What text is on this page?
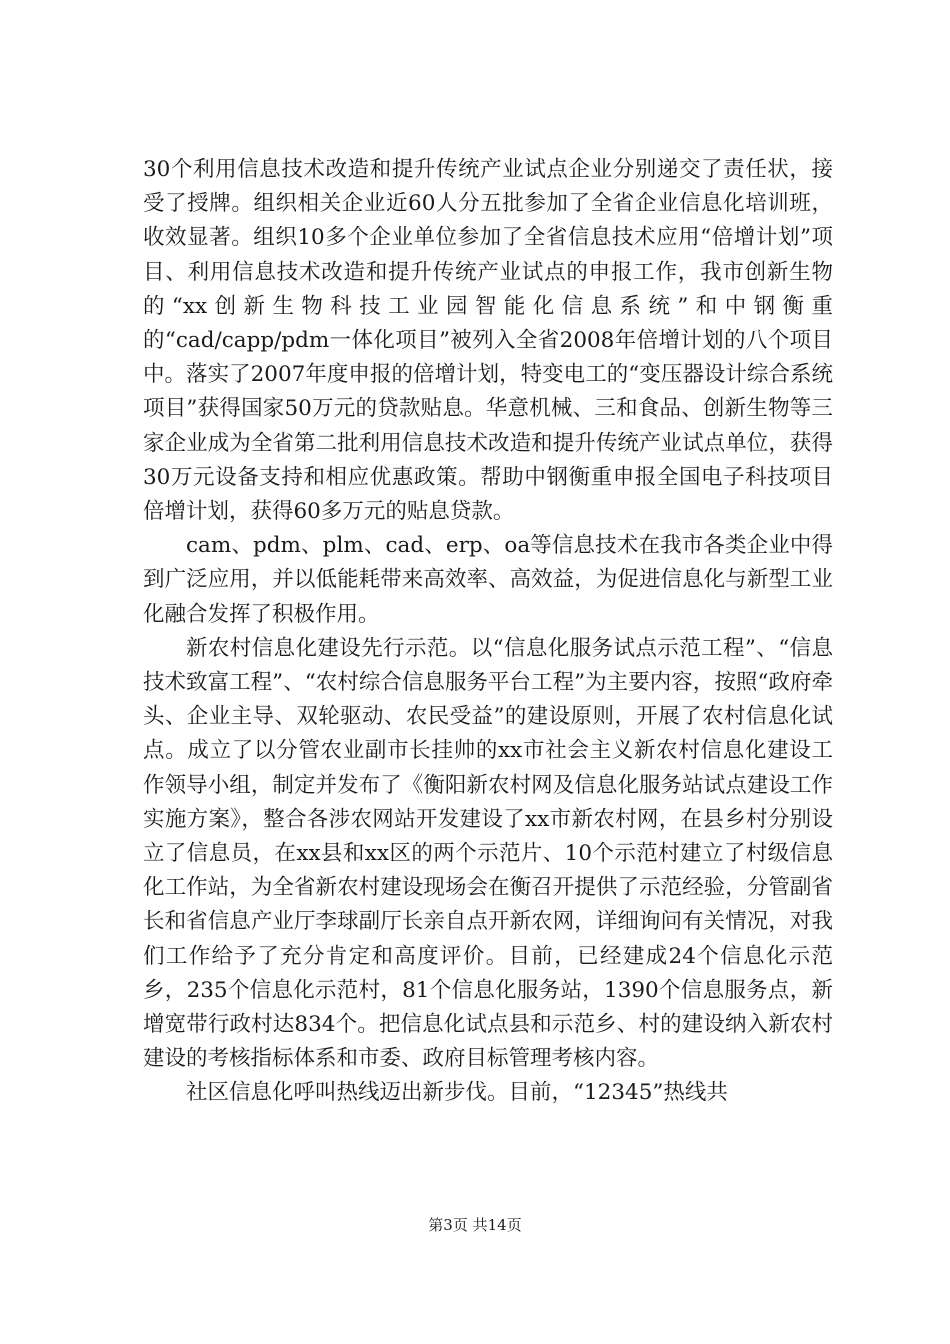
30个利用信息技术改造和提升传统产业试点企业分别递交了责任状，接受了授牌。组织相关企业近60人分五批参加了全省企业信息化培训班，收效显著。组织10多个企业单位参加了全省信息技术应用“倍增计划”项目、利用信息技术改造和提升传统产业试点的申报工作，我市创新生物的“xx创新生物科技工业园智能化信息系统”和中钢衡重的“cad/capp/pdm一体化项目”被列入全省2008年倍增计划的八个项目中。落实了2007年度申报的倍增计划，特变电工的“变压器设计综合系统项目”获得国家50万元的贷款贴息。华意机械、三和食品、创新生物等三家企业成为全省第二批利用信息技术改造和提升传统产业试点单位，获得30万元设备支持和相应优惠政策。帮助中钢衡重申报全国电子科技项目倍增计划，获得60多万元的贴息贷款。

cam、pdm、plm、cad、erp、oa等信息技术在我市各类企业中得到广泛应用，并以低能耗带来高效率、高效益，为促进信息化与新型工业化融合发挥了积极作用。

新农村信息化建设先行示范。以“信息化服务试点示范工程”、“信息技术致富工程”、“农村综合信息服务平台工程”为主要内容，按照“政府牵头、企业主导、双轮驱动、农民受益”的建设原则，开展了农村信息化试点。成立了以分管农业副市长挂帅的xx市社会主义新农村信息化建设工作领导小组，制定并发布了《衡阳新农村网及信息化服务站试点建设工作实施方案》，整合各涉农网站开发建设了xx市新农村网，在县乡村分别设立了信息员，在xx县和xx区的两个示范片、10个示范村建立了村级信息化工作站，为全省新农村建设现场会在衡召开提供了示范经验，分管副省长和省信息产业厅李球副厅长亲自点开新农网，详细询问有关情况，对我们工作给予了充分肯定和高度评价。目前，已经建成24个信息化示范乡，235个信息化示范村，81个信息化服务站，1390个信息服务点，新增宽带行政村达834个。把信息化试点县和示范乡、村的建设纳入新农村建设的考核指标体系和市委、政府目标管理考核内容。

社区信息化呼叫热线迈出新步伐。目前，“12345”热线共

第3页 共14页
